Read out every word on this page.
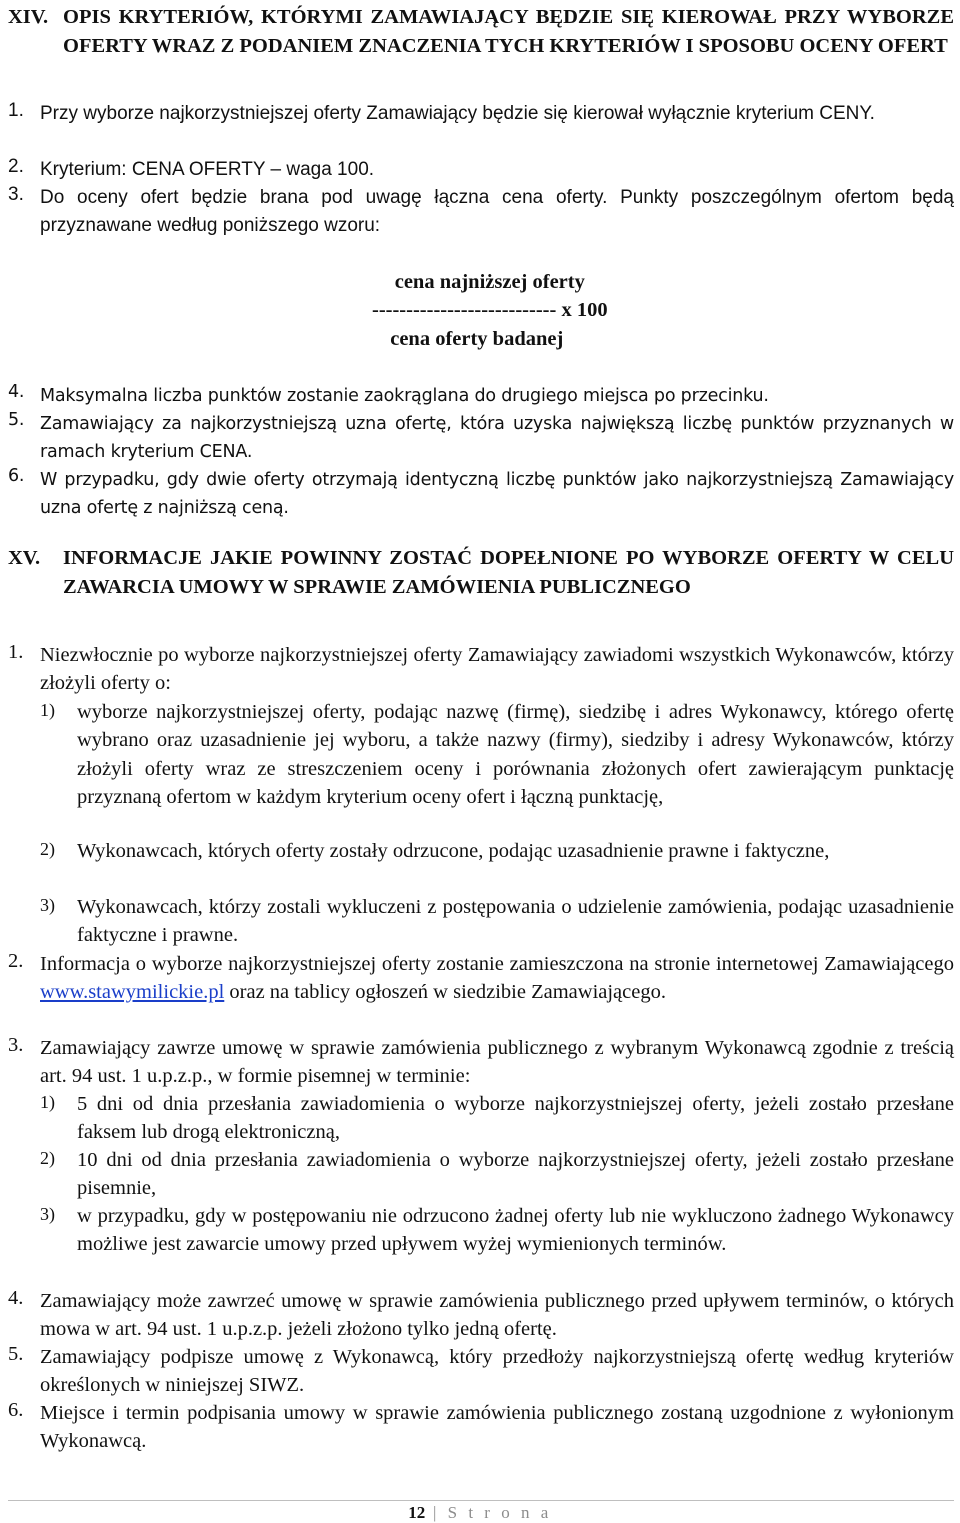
XIV. OPIS KRYTERIÓW, KTÓRYMI ZAMAWIAJĄCY BĘDZIE SIĘ KIEROWAŁ PRZY WYBORZE OFERTY WRAZ Z PODANIEM ZNACZENIA TYCH KRYTERIÓW I SPOSOBU OCENY OFERT
1. Przy wyborze najkorzystniejszej oferty Zamawiający będzie się kierował wyłącznie kryterium CENY.
2. Kryterium: CENA OFERTY – waga 100.
3. Do oceny ofert będzie brana pod uwagę łączna cena oferty. Punkty poszczególnym ofertom będą przyznawane według poniższego wzoru:
cena najniższej oferty
--------------------------- x 100
cena oferty badanej
4. Maksymalna liczba punktów zostanie zaokrąglana do drugiego miejsca po przecinku.
5. Zamawiający za najkorzystniejszą uzna ofertę, która uzyska największą liczbę punktów przyznanych w ramach kryterium CENA.
6. W przypadku, gdy dwie oferty otrzymają identyczną liczbę punktów jako najkorzystniejszą Zamawiający uzna ofertę z najniższą ceną.
XV. INFORMACJE JAKIE POWINNY ZOSTAĆ DOPEŁNIONE PO WYBORZE OFERTY W CELU ZAWARCIA UMOWY W SPRAWIE ZAMÓWIENIA PUBLICZNEGO
1. Niezwłocznie po wyborze najkorzystniejszej oferty Zamawiający zawiadomi wszystkich Wykonawców, którzy złożyli oferty o:
1) wyborze najkorzystniejszej oferty, podając nazwę (firmę), siedzibę i adres Wykonawcy, którego ofertę wybrano oraz uzasadnienie jej wyboru, a także nazwy (firmy), siedziby i adresy Wykonawców, którzy złożyli oferty wraz ze streszczeniem oceny i porównania złożonych ofert zawierającym punktację przyznaną ofertom w każdym kryterium oceny ofert i łączną punktację,
2) Wykonawcach, których oferty zostały odrzucone, podając uzasadnienie prawne i faktyczne,
3) Wykonawcach, którzy zostali wykluczeni z postępowania o udzielenie zamówienia, podając uzasadnienie faktyczne i prawne.
2. Informacja o wyborze najkorzystniejszej oferty zostanie zamieszczona na stronie internetowej Zamawiającego www.stawymilickie.pl oraz na tablicy ogłoszeń w siedzibie Zamawiającego.
3. Zamawiający zawrze umowę w sprawie zamówienia publicznego z wybranym Wykonawcą zgodnie z treścią art. 94 ust. 1 u.p.z.p., w formie pisemnej w terminie:
1) 5 dni od dnia przesłania zawiadomienia o wyborze najkorzystniejszej oferty, jeżeli zostało przesłane faksem lub drogą elektroniczną,
2) 10 dni od dnia przesłania zawiadomienia o wyborze najkorzystniejszej oferty, jeżeli zostało przesłane pisemnie,
3) w przypadku, gdy w postępowaniu nie odrzucono żadnej oferty lub nie wykluczono żadnego Wykonawcy możliwe jest zawarcie umowy przed upływem wyżej wymienionych terminów.
4. Zamawiający może zawrzeć umowę w sprawie zamówienia publicznego przed upływem terminów, o których mowa w art. 94 ust. 1 u.p.z.p. jeżeli złożono tylko jedną ofertę.
5. Zamawiający podpisze umowę z Wykonawcą, który przedłoży najkorzystniejszą ofertę według kryteriów określonych w niniejszej SIWZ.
6. Miejsce i termin podpisania umowy w sprawie zamówienia publicznego zostaną uzgodnione z wyłonionym Wykonawcą.
12 | S t r o n a
